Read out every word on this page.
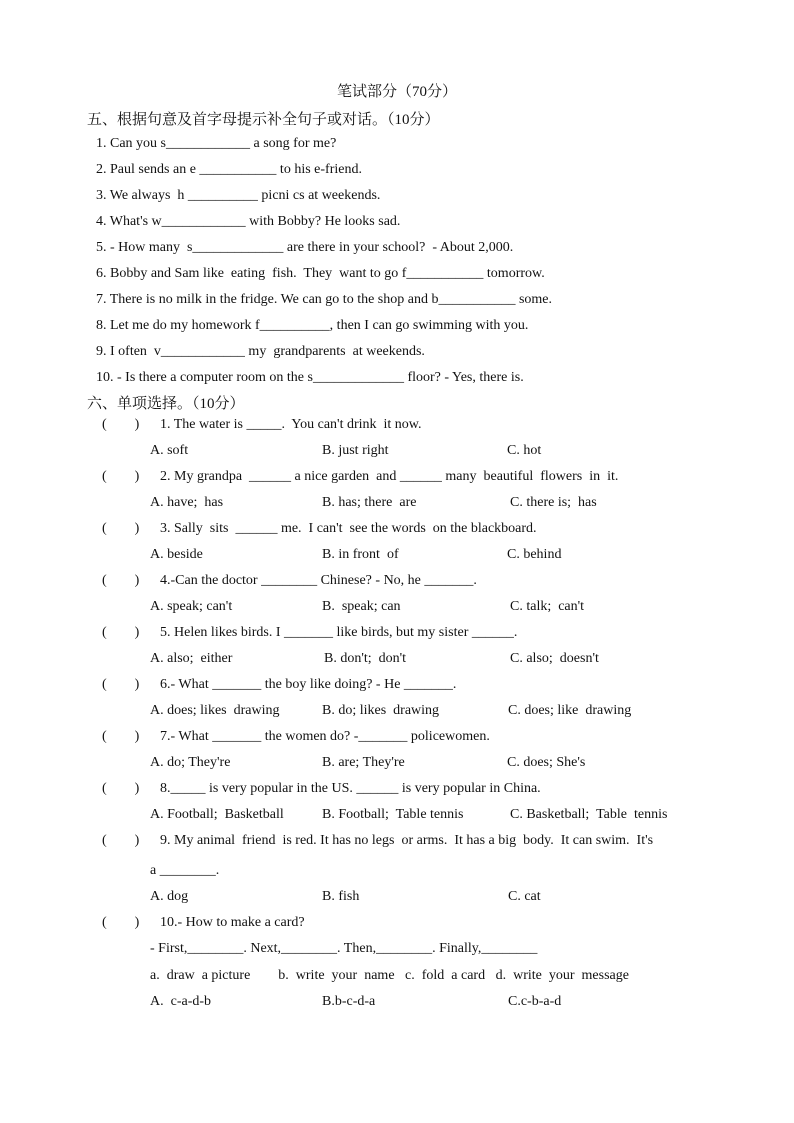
笔试部分（70分）
五、根据句意及首字母提示补全句子或对话。（10分）
1. Can you s____________ a song for me?
2. Paul sends an e ___________ to his e-friend.
3. We always  h __________ picni cs at weekends.
4. What's w____________ with Bobby? He looks sad.
5. - How many  s_____________ are there in your school?  - About 2,000.
6. Bobby and Sam like  eating  fish.  They  want to go f___________ tomorrow.
7. There is no milk in the fridge. We can go to the shop and b___________ some.
8. Let me do my homework f__________, then I can go swimming with you.
9. I often  v____________ my  grandparents  at weekends.
10. - Is there a computer room on the s_____________ floor? - Yes, there is.
六、单项选择。（10分）
(        ) 1. The water is _____.  You can't drink  it now.
A. soft	B. just right	C. hot
(        ) 2. My grandpa  ______ a nice garden  and ______ many  beautiful  flowers  in  it.
A. have;  has	B. has; there  are	C. there is;  has
(        ) 3. Sally  sits  ______ me.  I can't  see the words  on the blackboard.
A. beside	B. in front  of	C. behind
(        ) 4.-Can the doctor ________ Chinese? - No, he _______.
A. speak; can't	B.  speak; can	C. talk;  can't
(        ) 5. Helen likes birds. I _______ like birds, but my sister ______.
A. also;  either	B. don't;  don't	C. also;  doesn't
(        ) 6.- What _______ the boy like doing? - He _______.
A. does; likes  drawing	B. do; likes  drawing	C. does; like  drawing
(        ) 7.- What _______ the women do? -_______ policewomen.
A. do; They're	B. are; They're	C. does; She's
(        ) 8._____ is very popular in the US. ______ is very popular in China.
A. Football;  Basketball	B. Football;  Table tennis	C. Basketball;  Table  tennis
(        ) 9. My animal  friend  is red. It has no legs  or arms.  It has a big  body.  It can swim.  It's
a ________.
A. dog	B. fish	C. cat
(        ) 10.- How to make a card?
- First,________. Next,________. Then,________. Finally,________
a.  draw  a picture        b.  write  your  name   c.  fold  a card   d.  write  your  message
A.  c-a-d-b	B.b-c-d-a	C.c-b-a-d
